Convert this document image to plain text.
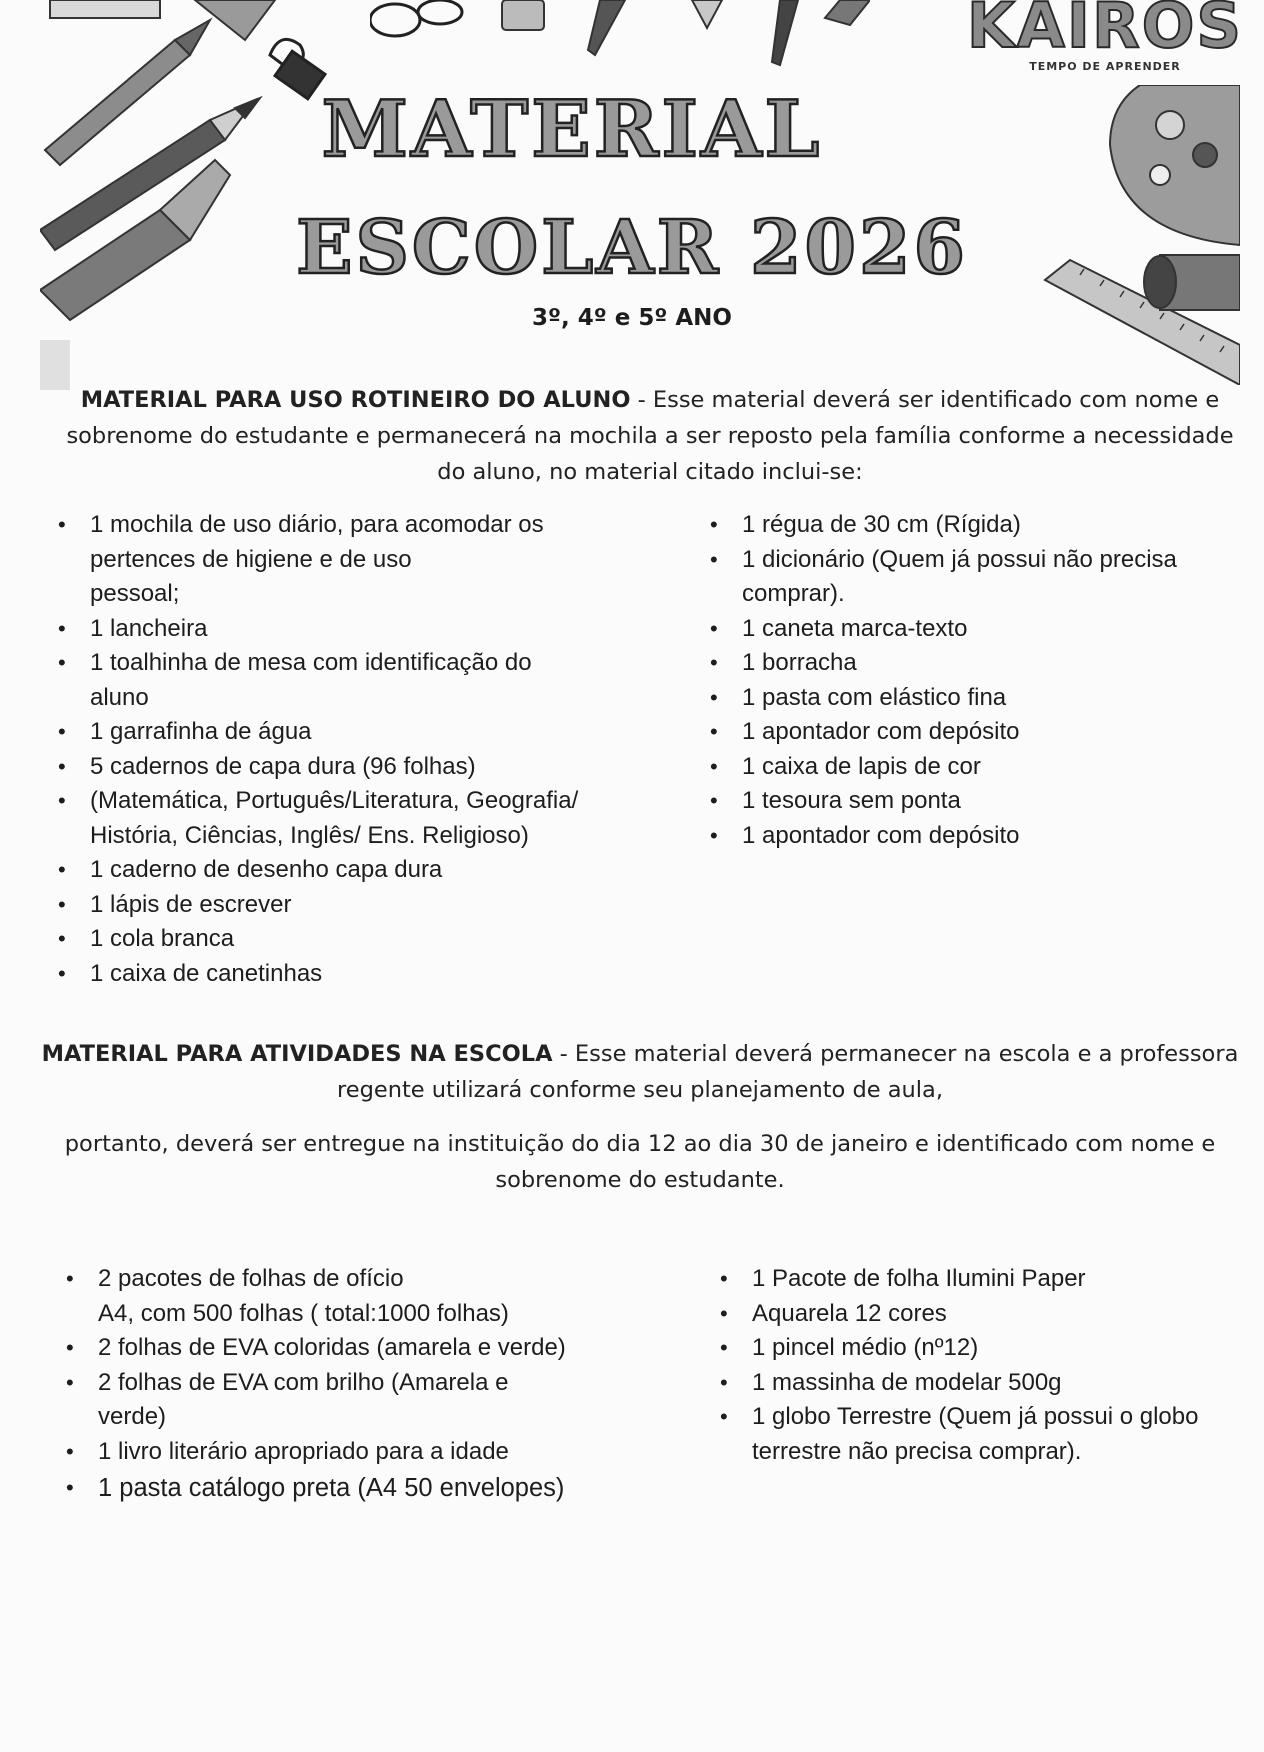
KAIROS
TEMPO DE APRENDER
MATERIAL
ESCOLAR 2026
3º, 4º e 5º ANO
MATERIAL PARA USO ROTINEIRO DO ALUNO - Esse material deverá ser identificado com nome e
sobrenome do estudante e permanecerá na mochila a ser reposto pela família conforme a necessidade
do aluno, no material citado inclui-se:
• 1 mochila de uso diário, para acomodar os
pertences de higiene e de uso
pessoal;
• 1 lancheira
• 1 toalhinha de mesa com identificação do
aluno
• 1 garrafinha de água
• 5 cadernos de capa dura (96 folhas)
• (Matemática, Português/Literatura, Geografia/
História, Ciências, Inglês/ Ens. Religioso)
• 1 caderno de desenho capa dura
• 1 lápis de escrever
• 1 cola branca
• 1 caixa de canetinhas
• 1 régua de 30 cm (Rígida)
• 1 dicionário (Quem já possui não precisa
comprar).
• 1 caneta marca-texto
• 1 borracha
• 1 pasta com elástico fina
• 1 apontador com depósito
• 1 caixa de lapis de cor
• 1 tesoura sem ponta
• 1 apontador com depósito
MATERIAL PARA ATIVIDADES NA ESCOLA - Esse material deverá permanecer na escola e a professora
regente utilizará conforme seu planejamento de aula,
portanto, deverá ser entregue na instituição do dia 12 ao dia 30 de janeiro e identificado com nome e
sobrenome do estudante.
• 2 pacotes de folhas de ofício
A4, com 500 folhas ( total:1000 folhas)
• 2 folhas de EVA coloridas (amarela e verde)
• 2 folhas de EVA com brilho (Amarela e
verde)
• 1 livro literário apropriado para a idade
• 1 pasta catálogo preta (A4 50 envelopes)
• 1 Pacote de folha Ilumini Paper
• Aquarela 12 cores
• 1 pincel médio (nº12)
• 1 massinha de modelar 500g
• 1 globo Terrestre (Quem já possui o globo
terrestre não precisa comprar).
